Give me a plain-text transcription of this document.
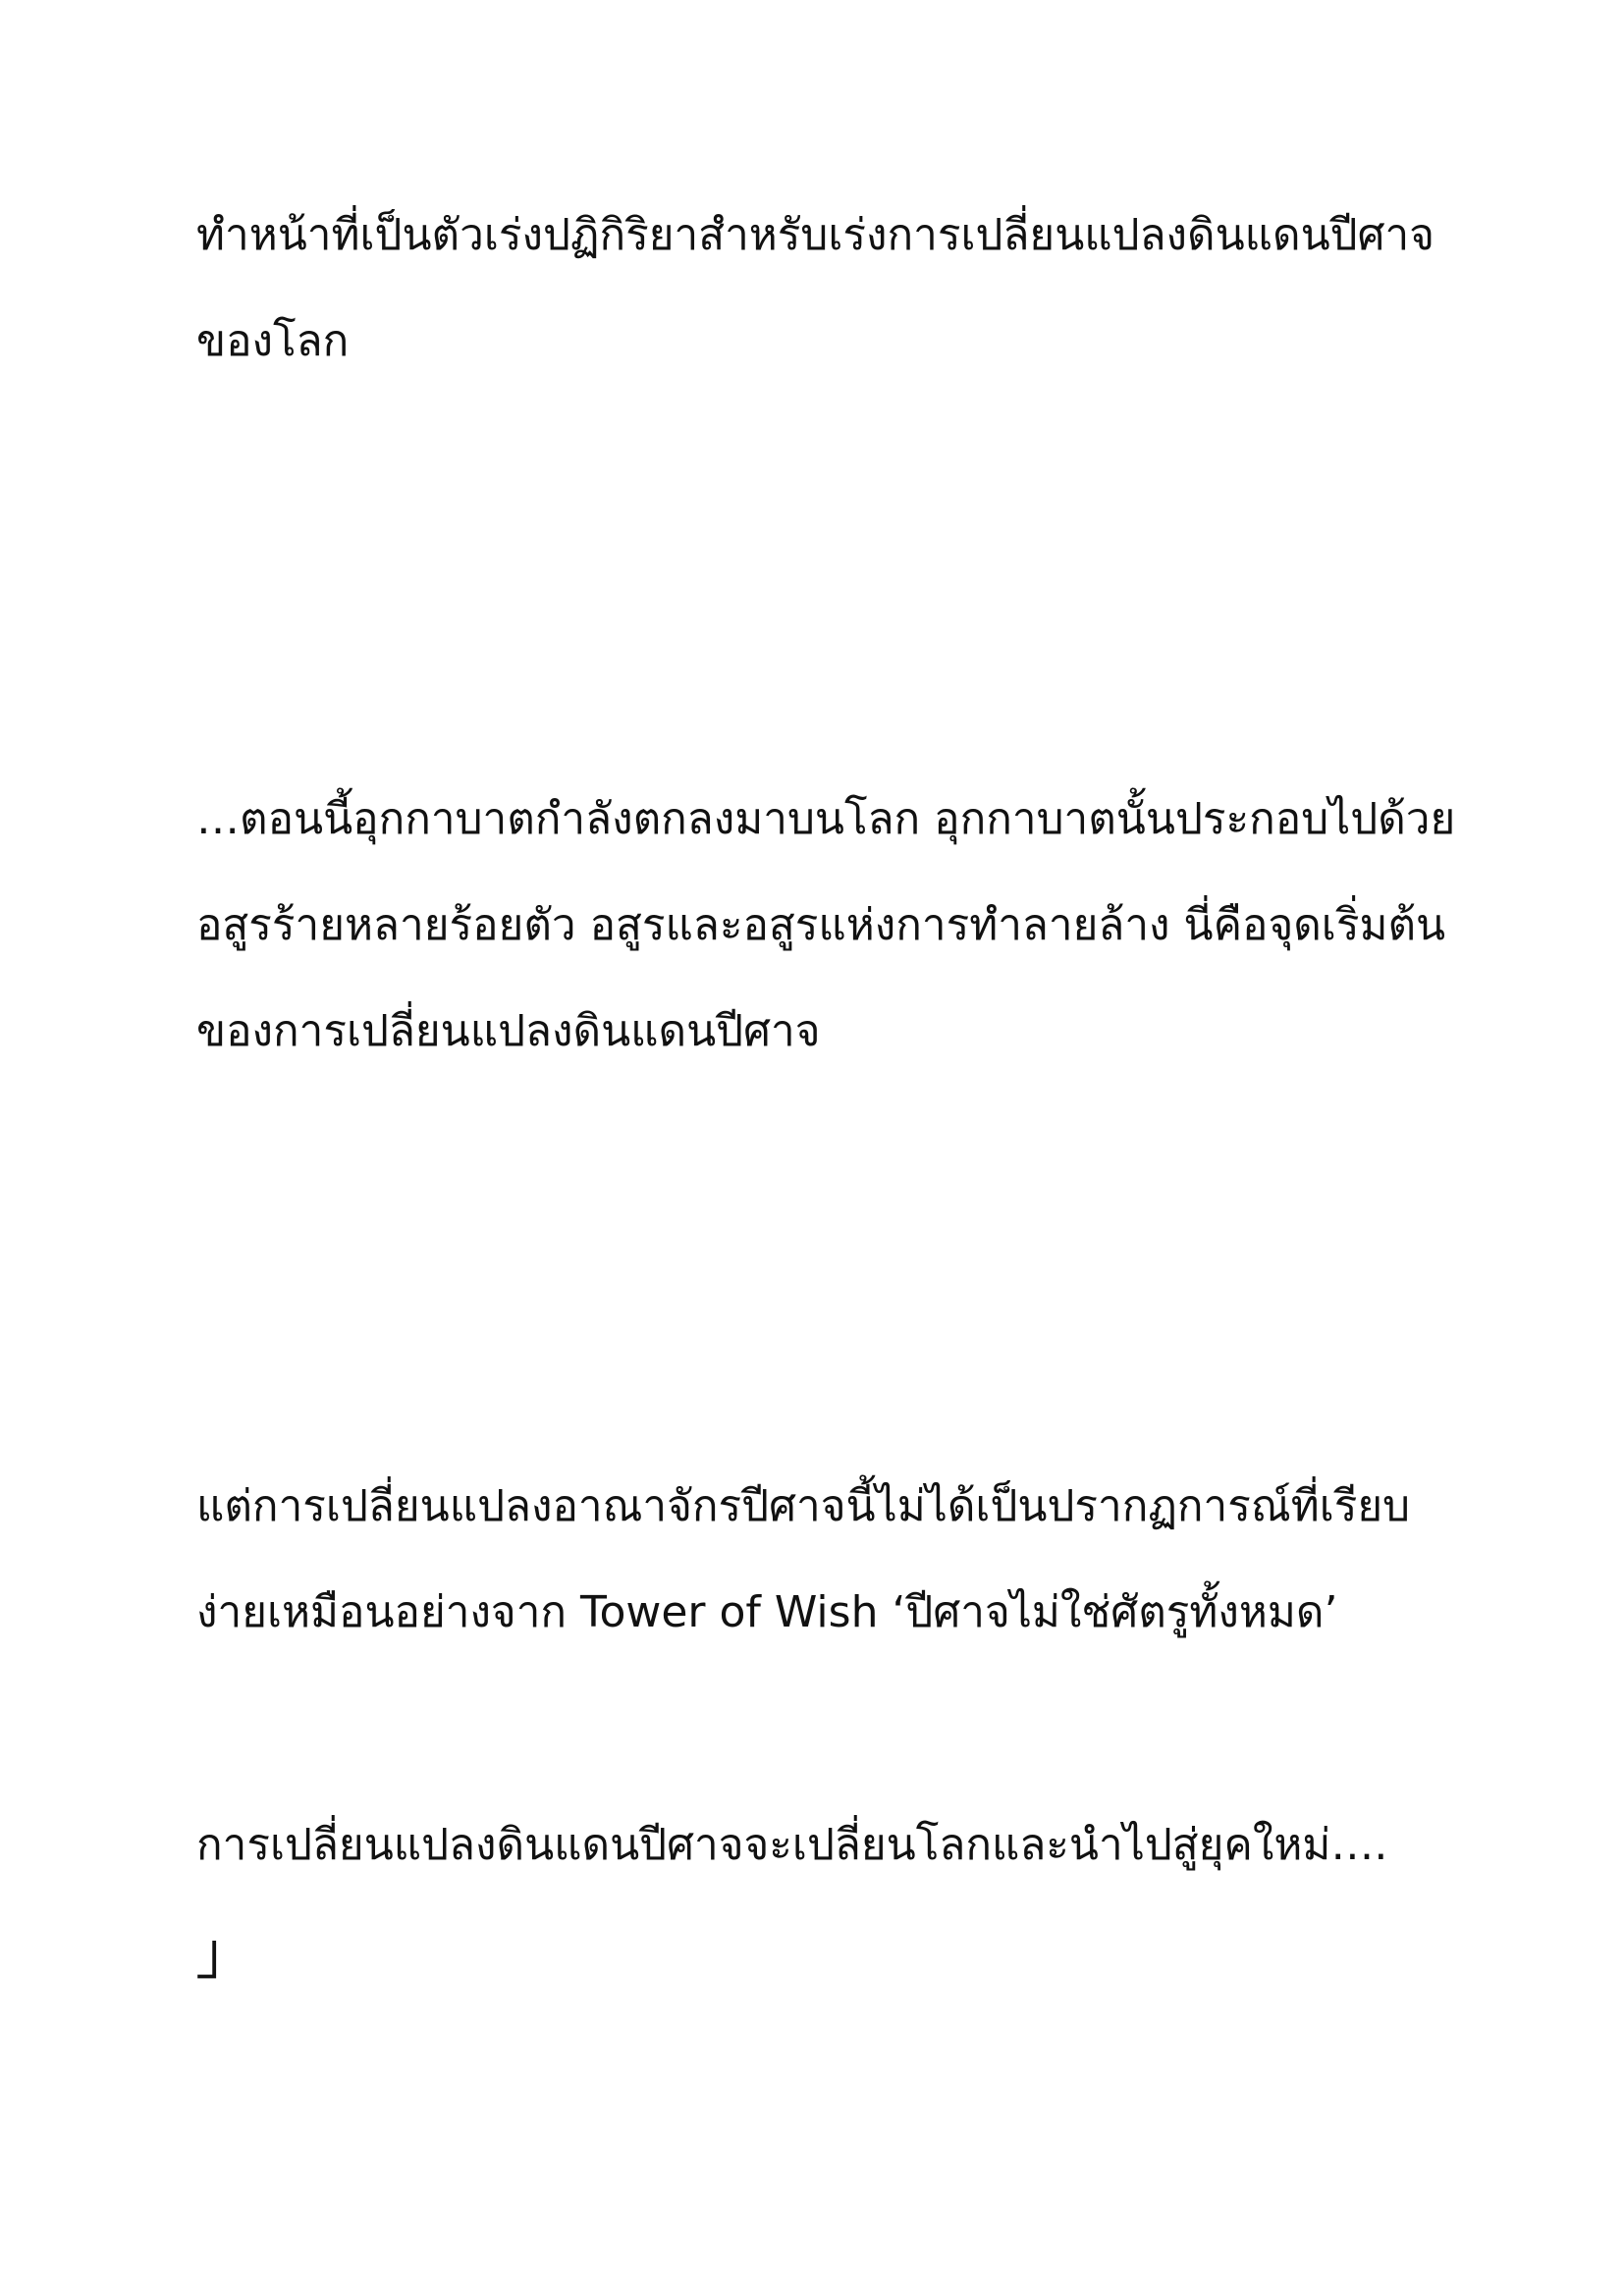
ทำหน้าที่เป็นตัวเร่งปฏิกิริยาสำหรับเร่งการเปลี่ยนแปลงดินแดนปีศาจ
ของโลก
…ตอนนี้อุกกาบาตกำลังตกลงมาบนโลก อุกกาบาตนั้นประกอบไปด้วย
อสูรร้ายหลายร้อยตัว อสูรและอสูรแห่งการทำลายล้าง นี่คือจุดเริ่มต้น
ของการเปลี่ยนแปลงดินแดนปีศาจ
แต่การเปลี่ยนแปลงอาณาจักรปีศาจนี้ไม่ได้เป็นปรากฏการณ์ที่เรียบ
ง่ายเหมือนอย่างจาก Tower of Wish ‘ปีศาจไม่ใช่ศัตรูทั้งหมด’
การเปลี่ยนแปลงดินแดนปีศาจจะเปลี่ยนโลกและนำไปสู่ยุคใหม่….
」
